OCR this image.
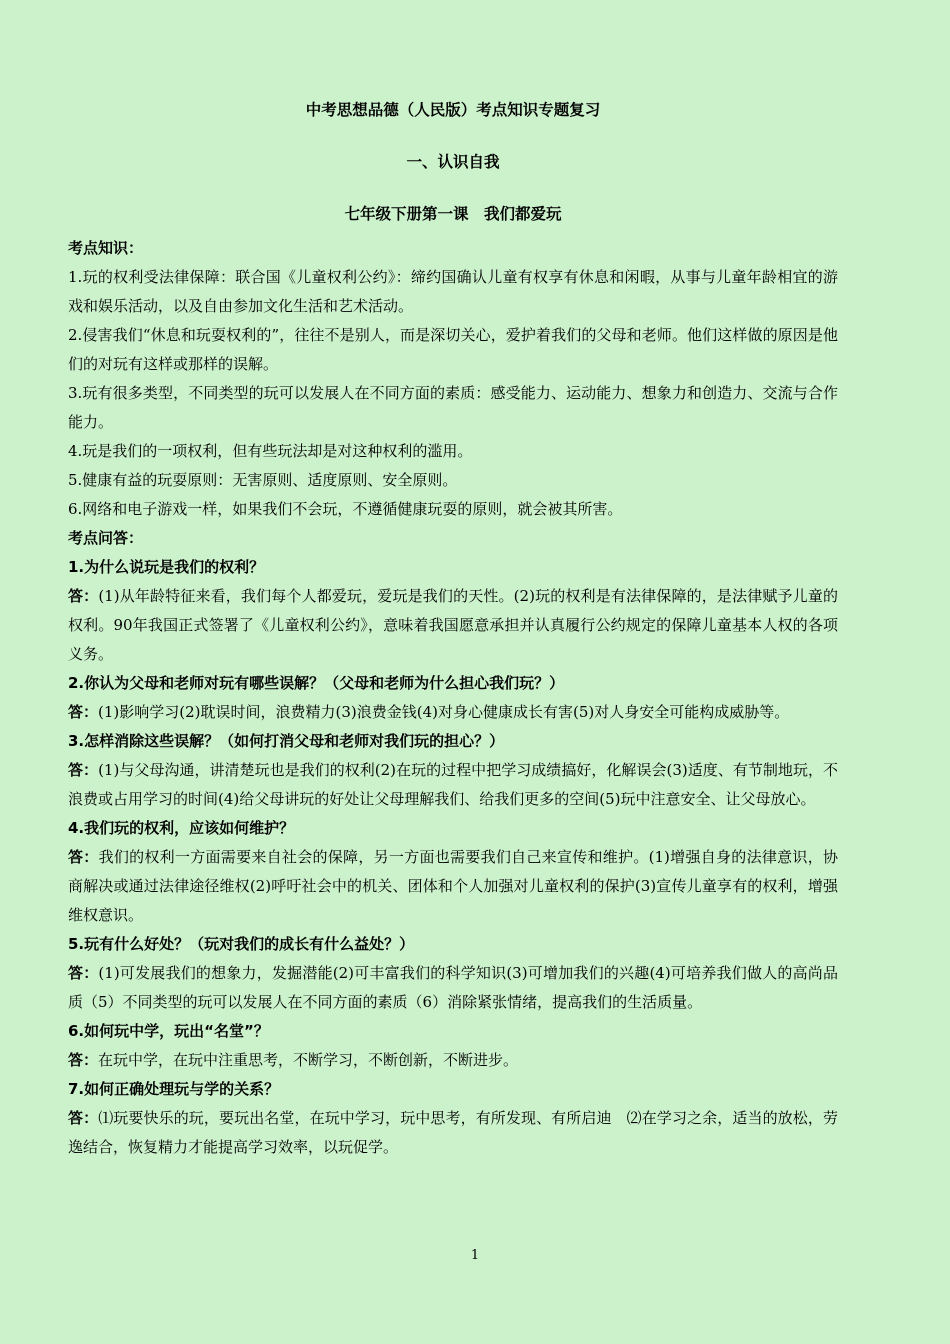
中考思想品德（人民版）考点知识专题复习
一、认识自我
七年级下册第一课　我们都爱玩
考点知识：

1.玩的权利受法律保障：联合国《儿童权利公约》：缔约国确认儿童有权享有休息和闲暇，从事与儿童年龄相宜的游戏和娱乐活动，以及自由参加文化生活和艺术活动。

2.侵害我们“休息和玩耍权利的”，往往不是别人，而是深切关心，爱护着我们的父母和老师。他们这样做的原因是他们的对玩有这样或那样的误解。

3.玩有很多类型，不同类型的玩可以发展人在不同方面的素质：感受能力、运动能力、想象力和创造力、交流与合作能力。

4.玩是我们的一项权利，但有些玩法却是对这种权利的滥用。

5.健康有益的玩耍原则：无害原则、适度原则、安全原则。

6.网络和电子游戏一样，如果我们不会玩，不遵循健康玩耍的原则，就会被其所害。

考点问答：

1.为什么说玩是我们的权利？

答：(1)从年龄特征来看，我们每个人都爱玩，爱玩是我们的天性。(2)玩的权利是有法律保障的，是法律赋予儿童的权利。90年我国正式签署了《儿童权利公约》，意味着我国愿意承担并认真履行公约规定的保障儿童基本人权的各项义务。

2.你认为父母和老师对玩有哪些误解？（父母和老师为什么担心我们玩？）

答：(1)影响学习(2)耽误时间，浪费精力(3)浪费金钱(4)对身心健康成长有害(5)对人身安全可能构成威胁等。

3.怎样消除这些误解？（如何打消父母和老师对我们玩的担心？）

答：(1)与父母沟通，讲清楚玩也是我们的权利(2)在玩的过程中把学习成绩搞好，化解误会(3)适度、有节制地玩，不浪费或占用学习的时间(4)给父母讲玩的好处让父母理解我们、给我们更多的空间(5)玩中注意安全、让父母放心。

4.我们玩的权利，应该如何维护？

答：我们的权利一方面需要来自社会的保障，另一方面也需要我们自己来宣传和维护。(1)增强自身的法律意识，协商解决或通过法律途径维权(2)呼吁社会中的机关、团体和个人加强对儿童权利的保护(3)宣传儿童享有的权利，增强维权意识。

5.玩有什么好处？（玩对我们的成长有什么益处？）

答：(1)可发展我们的想象力，发掘潜能(2)可丰富我们的科学知识(3)可增加我们的兴趣(4)可培养我们做人的高尚品质（5）不同类型的玩可以发展人在不同方面的素质（6）消除紧张情绪，提高我们的生活质量。

6.如何玩中学，玩出“名堂”？

答：在玩中学，在玩中注重思考，不断学习，不断创新，不断进步。

7.如何正确处理玩与学的关系？

答：⑴玩要快乐的玩，要玩出名堂，在玩中学习，玩中思考，有所发现、有所启迪　⑵在学习之余，适当的放松，劳逸结合，恢复精力才能提高学习效率，以玩促学。

1
